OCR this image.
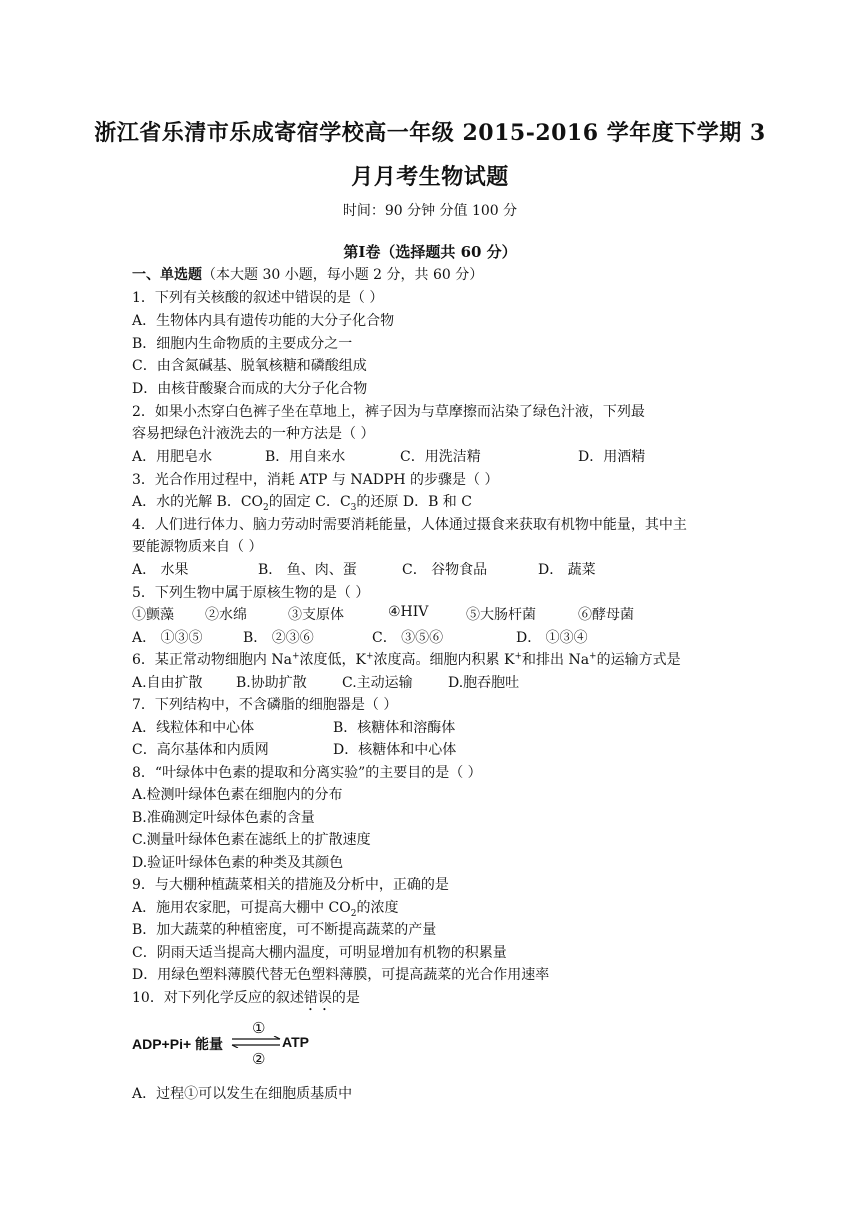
浙江省乐清市乐成寄宿学校高一年级 2015-2016 学年度下学期 3
月月考生物试题
时间：90 分钟 分值 100 分
第Ⅰ卷（选择题共 60 分）
一、单选题（本大题 30 小题，每小题 2 分，共 60 分）
1．下列有关核酸的叙述中错误的是（ ）
A．生物体内具有遗传功能的大分子化合物
B．细胞内生命物质的主要成分之一
C．由含氮碱基、脱氧核糖和磷酸组成
D．由核苷酸聚合而成的大分子化合物
2．如果小杰穿白色裤子坐在草地上，裤子因为与草摩擦而沾染了绿色汁液，下列最
容易把绿色汁液洗去的一种方法是（ ）
A．用肥皂水	B．用自来水	C．用洗洁精	D．用酒精
3．光合作用过程中，消耗 ATP 与 NADPH 的步骤是（ ）
A．水的光解 B．$CO_2$的固定 C．$C_3$的还原 D．B 和 C
4．人们进行体力、脑力劳动时需要消耗能量，人体通过摄食来获取有机物中能量，其中主
要能源物质来自（ ）
A． 水果	B． 鱼、肉、蛋	C． 谷物食品	D． 蔬菜
5．下列生物中属于原核生物的是（ ）
①颤藻 ②水绵	③支原体	④HIV	⑤大肠杆菌	⑥酵母菌
A． ①③⑤	B． ②③⑥	C． ③⑤⑥	D． ①③④
6．某正常动物细胞内 Na+浓度低，K+浓度高。细胞内积累 K+和排出 Na+的运输方式是
A.自由扩散 B.协助扩散	C.主动运输	D.胞吞胞吐
7．下列结构中，不含磷脂的细胞器是（ ）
A．线粒体和中心体	B．核糖体和溶酶体
C．高尔基体和内质网	D．核糖体和中心体
8．“叶绿体中色素的提取和分离实验”的主要目的是（ ）
A.检测叶绿体色素在细胞内的分布
B.准确测定叶绿体色素的含量
C.测量叶绿体色素在滤纸上的扩散速度
D.验证叶绿体色素的种类及其颜色
9．与大棚种植蔬菜相关的措施及分析中，正确的是
A．施用农家肥，可提高大棚中 $CO_2$的浓度
B．加大蔬菜的种植密度，可不断提高蔬菜的产量
C．阴雨天适当提高大棚内温度，可明显增加有机物的积累量
D．用绿色塑料薄膜代替无色塑料薄膜，可提高蔬菜的光合作用速率
10．对下列化学反应的叙述错误的是
ADP+Pi+ 能量
①
②
ATP
A．过程①可以发生在细胞质基质中
